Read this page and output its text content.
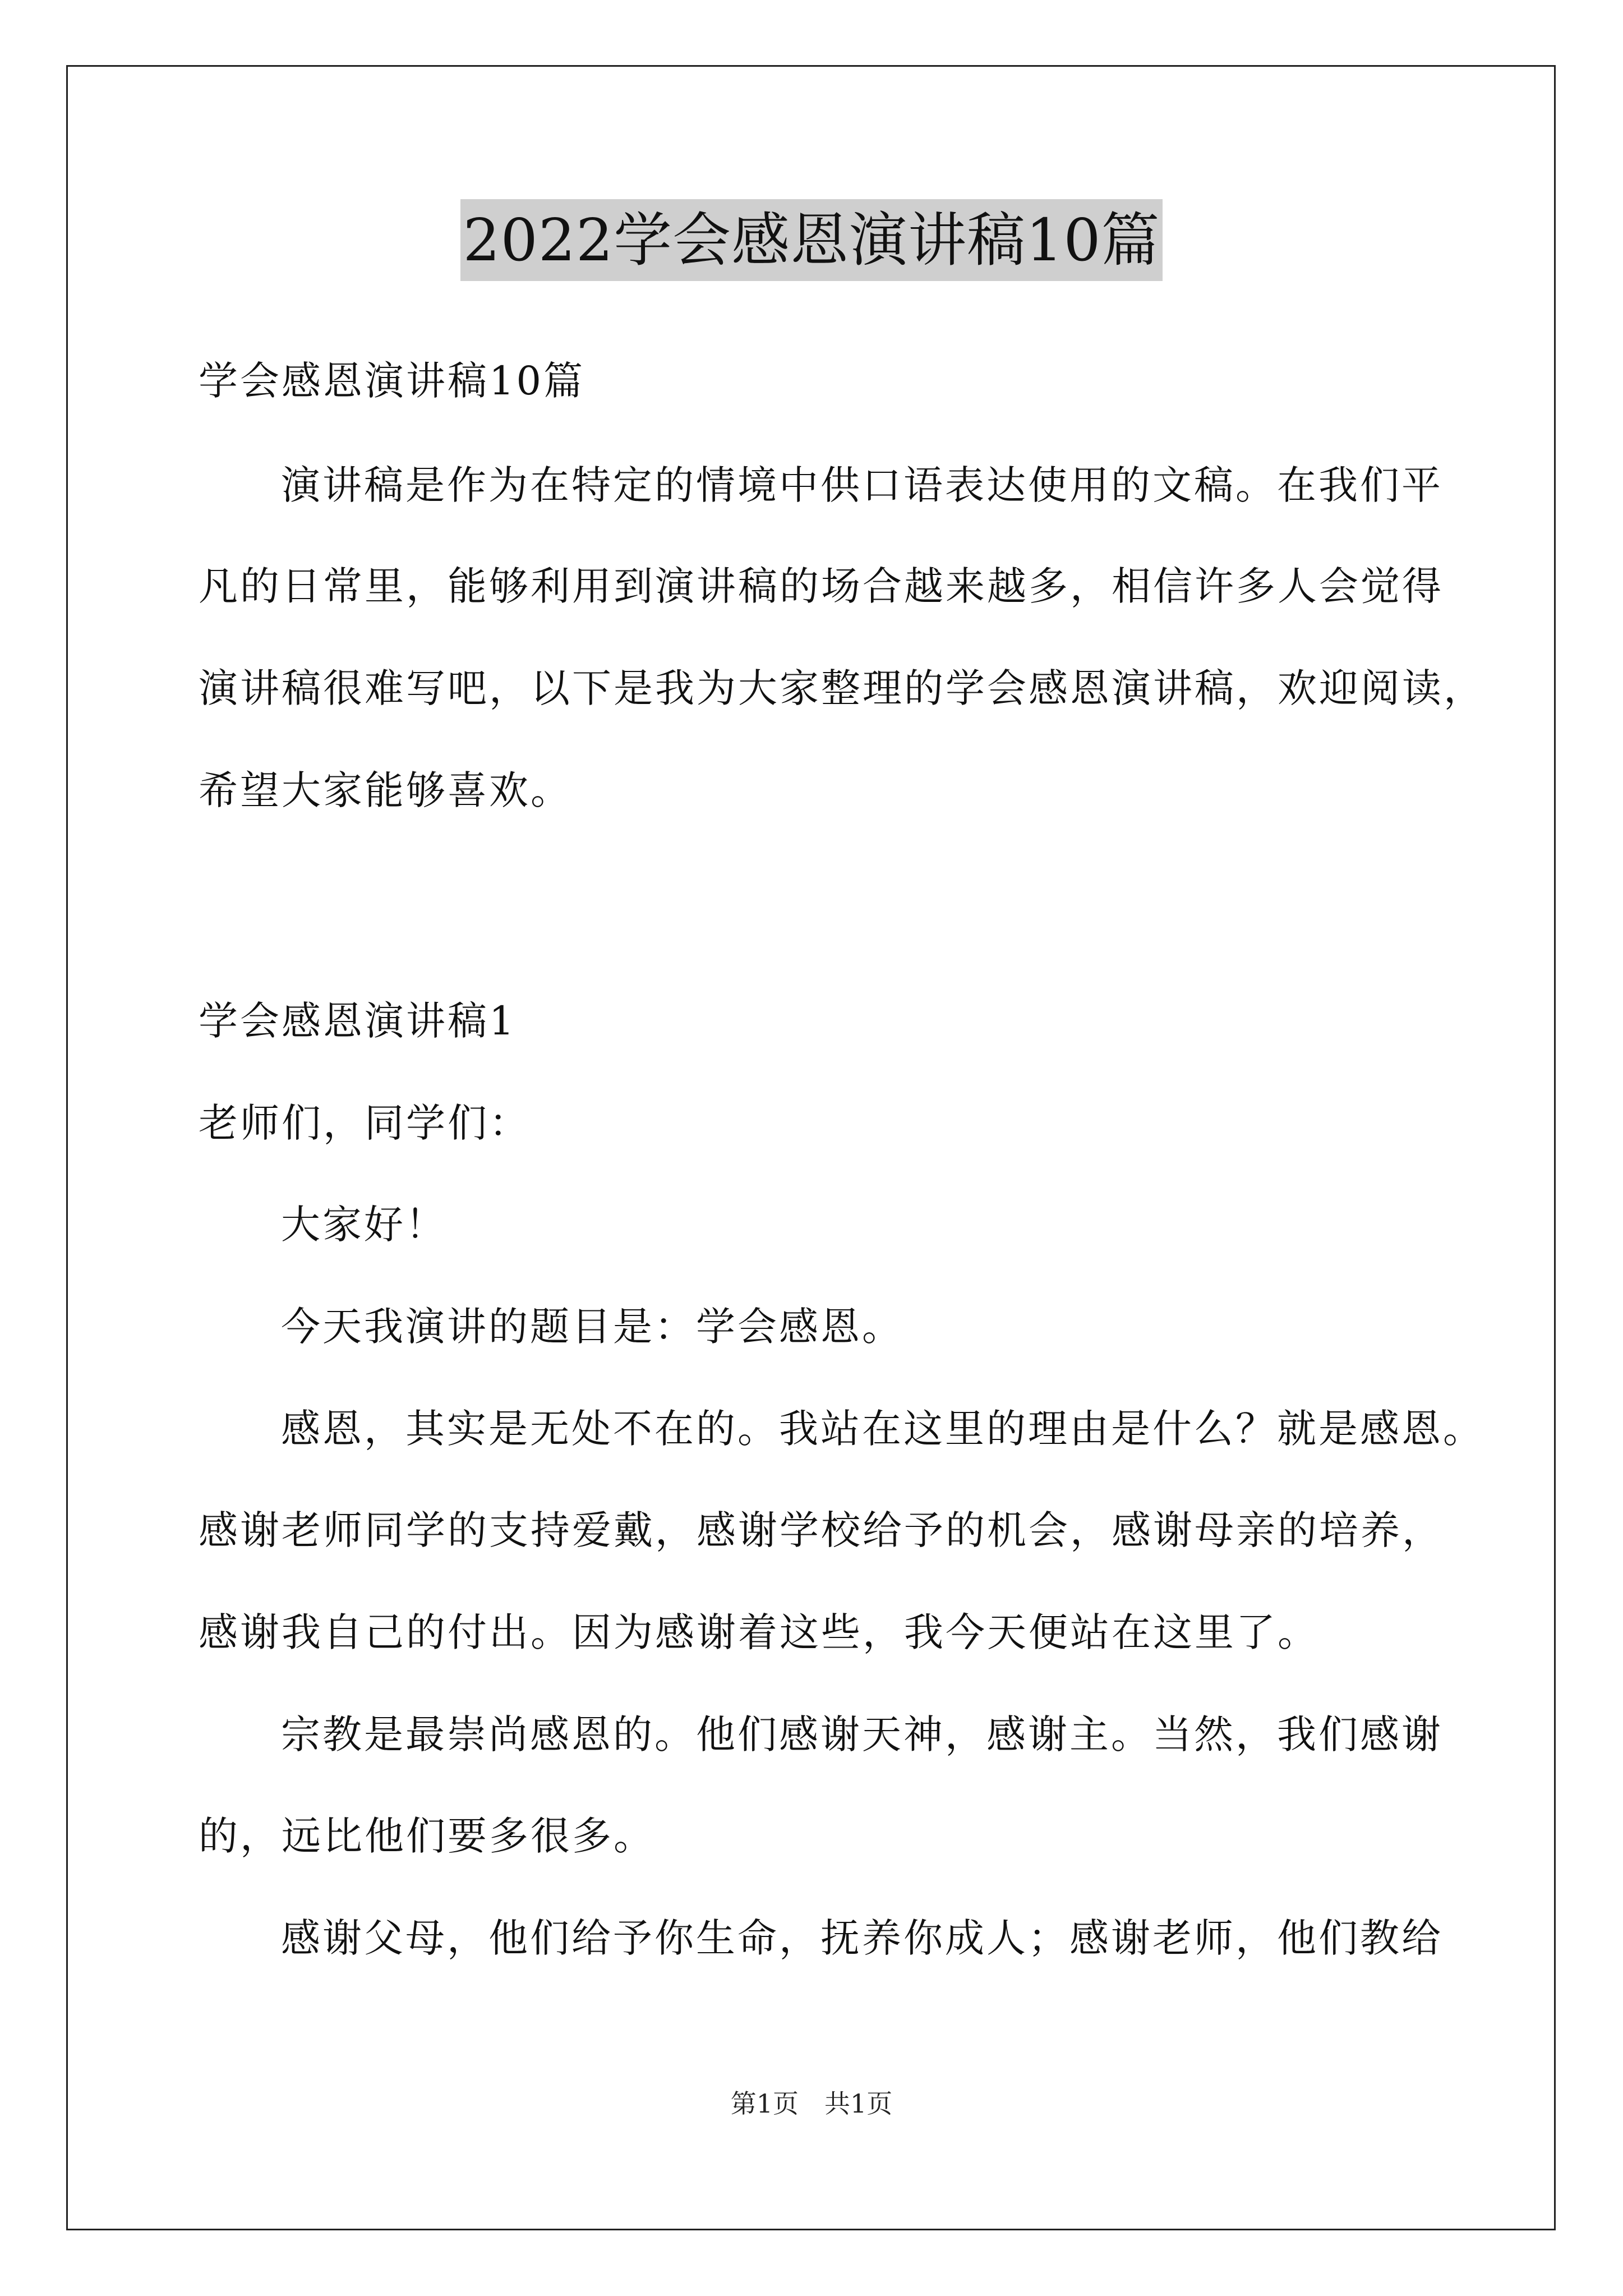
2022学会感恩演讲稿10篇
学会感恩演讲稿10篇
演讲稿是作为在特定的情境中供口语表达使用的文稿。在我们平
凡的日常里，能够利用到演讲稿的场合越来越多，相信许多人会觉得
演讲稿很难写吧，以下是我为大家整理的学会感恩演讲稿，欢迎阅读，
希望大家能够喜欢。
学会感恩演讲稿1
老师们，同学们：
大家好！
今天我演讲的题目是：学会感恩。
感恩，其实是无处不在的。我站在这里的理由是什么？就是感恩。
感谢老师同学的支持爱戴，感谢学校给予的机会，感谢母亲的培养，
感谢我自己的付出。因为感谢着这些，我今天便站在这里了。
宗教是最崇尚感恩的。他们感谢天神，感谢主。当然，我们感谢
的，远比他们要多很多。
感谢父母，他们给予你生命，抚养你成人；感谢老师，他们教给
第1页　共1页
